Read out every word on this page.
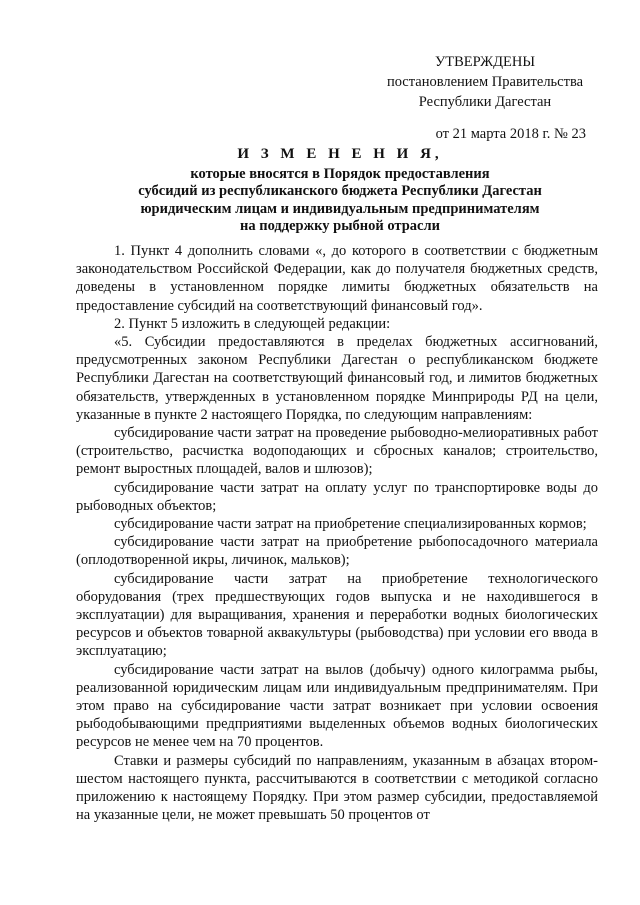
УТВЕРЖДЕНЫ
постановлением Правительства
Республики Дагестан
от 21 марта 2018 г. № 23
И З М Е Н Е Н И Я,
которые вносятся в Порядок предоставления
субсидий из республиканского бюджета Республики Дагестан
юридическим лицам и индивидуальным предпринимателям
на поддержку рыбной отрасли

1. Пункт 4 дополнить словами «, до которого в соответствии с бюджетным законодательством Российской Федерации, как до получателя бюджетных средств, доведены в установленном порядке лимиты бюджетных обязательств на предоставление субсидий на соответствующий финансовый год».

2. Пункт 5 изложить в следующей редакции:

«5. Субсидии предоставляются в пределах бюджетных ассигнований, предусмотренных законом Республики Дагестан о республиканском бюджете Республики Дагестан на соответствующий финансовый год, и лимитов бюджетных обязательств, утвержденных в установленном порядке Минприроды РД на цели, указанные в пункте 2 настоящего Порядка, по следующим направлениям:

субсидирование части затрат на проведение рыбоводно-мелиоративных работ (строительство, расчистка водоподающих и сбросных каналов; строительство, ремонт выростных площадей, валов и шлюзов);

субсидирование части затрат на оплату услуг по транспортировке воды до рыбоводных объектов;

субсидирование части затрат на приобретение специализированных кормов;

субсидирование части затрат на приобретение рыбопосадочного материала (оплодотворенной икры, личинок, мальков);

субсидирование части затрат на приобретение технологического оборудования (трех предшествующих годов выпуска и не находившегося в эксплуатации) для выращивания, хранения и переработки водных биологических ресурсов и объектов товарной аквакультуры (рыбоводства) при условии его ввода в эксплуатацию;

субсидирование части затрат на вылов (добычу) одного килограмма рыбы, реализованной юридическим лицам или индивидуальным предпринимателям. При этом право на субсидирование части затрат возникает при условии освоения рыбодобывающими предприятиями выделенных объемов водных биологических ресурсов не менее чем на 70 процентов.

Ставки и размеры субсидий по направлениям, указанным в абзацах втором-шестом настоящего пункта, рассчитываются в соответствии с методикой согласно приложению к настоящему Порядку. При этом размер субсидии, предоставляемой на указанные цели, не может превышать 50 процентов от
